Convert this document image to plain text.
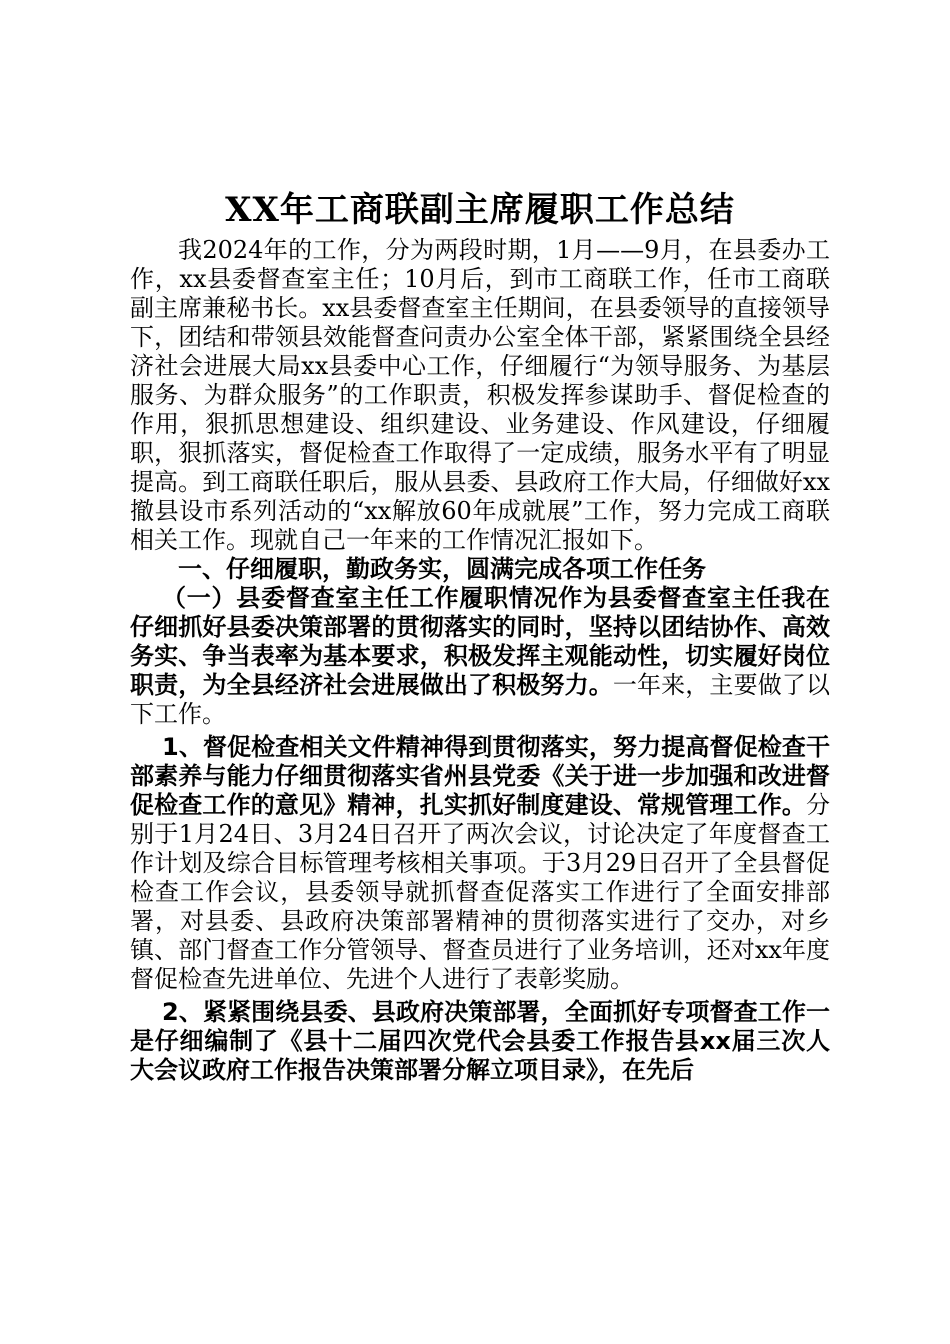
XX年工商联副主席履职工作总结

我2024年的工作，分为两段时期，1月——9月，在县委办工作，xx县委督查室主任；10月后，到市工商联工作，任市工商联副主席兼秘书长。xx县委督查室主任期间，在县委领导的直接领导下，团结和带领县效能督查问责办公室全体干部，紧紧围绕全县经济社会进展大局xx县委中心工作，仔细履行“为领导服务、为基层服务、为群众服务”的工作职责，积极发挥参谋助手、督促检查的作用，狠抓思想建设、组织建设、业务建设、作风建设，仔细履职，狠抓落实，督促检查工作取得了一定成绩，服务水平有了明显提高。到工商联任职后，服从县委、县政府工作大局，仔细做好xx撤县设市系列活动的“xx解放60年成就展”工作，努力完成工商联相关工作。现就自己一年来的工作情况汇报如下。

一、仔细履职，勤政务实，圆满完成各项工作任务

（一）县委督查室主任工作履职情况作为县委督查室主任我在仔细抓好县委决策部署的贯彻落实的同时，坚持以团结协作、高效务实、争当表率为基本要求，积极发挥主观能动性，切实履好岗位职责，为全县经济社会进展做出了积极努力。一年来，主要做了以下工作。

1、督促检查相关文件精神得到贯彻落实，努力提高督促检查干部素养与能力仔细贯彻落实省州县党委《关于进一步加强和改进督促检查工作的意见》精神，扎实抓好制度建设、常规管理工作。分别于1月24日、3月24日召开了两次会议，讨论决定了年度督查工作计划及综合目标管理考核相关事项。于3月29日召开了全县督促检查工作会议，县委领导就抓督查促落实工作进行了全面安排部署，对县委、县政府决策部署精神的贯彻落实进行了交办，对乡镇、部门督查工作分管领导、督查员进行了业务培训，还对xx年度督促检查先进单位、先进个人进行了表彰奖励。

2、紧紧围绕县委、县政府决策部署，全面抓好专项督查工作一是仔细编制了《县十二届四次党代会县委工作报告县xx届三次人大会议政府工作报告决策部署分解立项目录》，在先后
